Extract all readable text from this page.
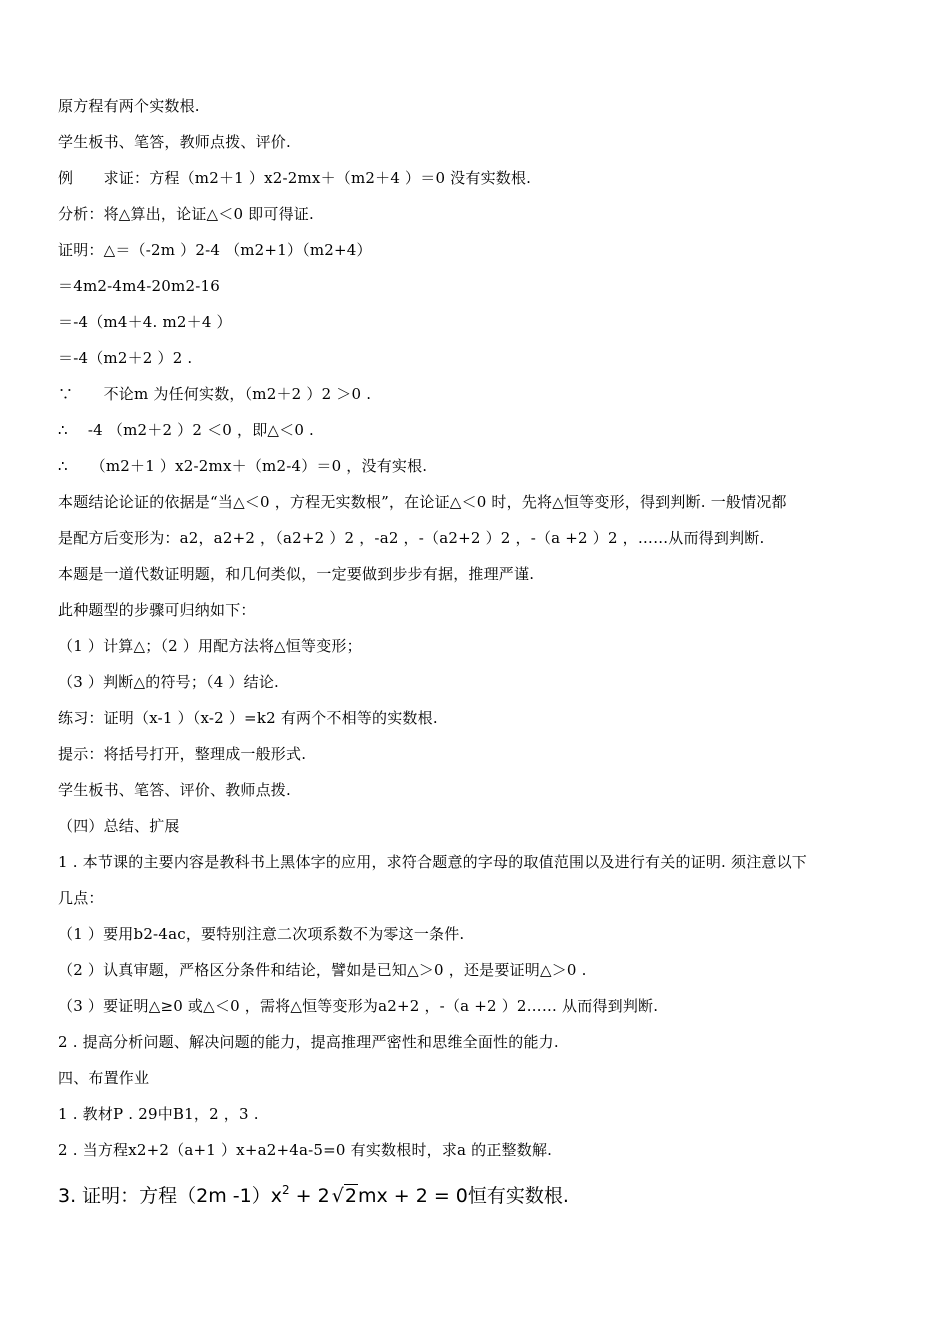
原方程有两个实数根.
学生板书、笔答，教师点拨、评价.
例　　求证：方程（m2＋1 ）x2-2mx＋（m2＋4 ）＝0 没有实数根.
分析：将△算出，论证△＜0 即可得证.
证明：△＝（-2m ）2-4 （m2+1）（m2+4）
＝4m2-4m4-20m2-16
＝-4（m4＋4. m2＋4 ）
＝-4（m2＋2 ）2 .
∵　　不论m 为任何实数，（m2＋2 ）2 ＞0 .
∴　 -4 （m2＋2 ）2 ＜0 ，即△＜0 .
∴　　（m2＋1 ）x2-2mx＋（m2-4）＝0 ，没有实根.
本题结论论证的依据是“当△＜0 ，方程无实数根”，在论证△＜0 时，先将△恒等变形，得到判断. 一般情况都
是配方后变形为：a2，a2+2 ，（a2+2 ）2 ，-a2 ，-（a2+2 ）2 ，-（a +2 ）2 ，……从而得到判断.
本题是一道代数证明题，和几何类似，一定要做到步步有据，推理严谨.
此种题型的步骤可归纳如下：
（1 ）计算△；（2 ）用配方法将△恒等变形；
（3 ）判断△的符号；（4 ）结论.
练习：证明（x-1 ）（x-2 ）=k2 有两个不相等的实数根.
提示：将括号打开，整理成一般形式.
学生板书、笔答、评价、教师点拨.
（四）总结、扩展
1 . 本节课的主要内容是教科书上黑体字的应用，求符合题意的字母的取值范围以及进行有关的证明. 须注意以下
几点：
（1 ）要用b2-4ac，要特别注意二次项系数不为零这一条件.
（2 ）认真审题，严格区分条件和结论，譬如是已知△＞0 ，还是要证明△＞0 .
（3 ）要证明△≥0 或△＜0 ，需将△恒等变形为a2+2 ，-（a +2 ）2…… 从而得到判断.
2 . 提高分析问题、解决问题的能力，提高推理严密性和思维全面性的能力.
四、布置作业
1 . 教材P . 29中B1，2 ，3 .
2 . 当方程x2+2（a+1 ）x+a2+4a-5=0 有实数根时，求a 的正整数解.
3. 证明：方程（2m $-1)x^2 + 2$ √2mx + 2 = 0恒有实数根.
